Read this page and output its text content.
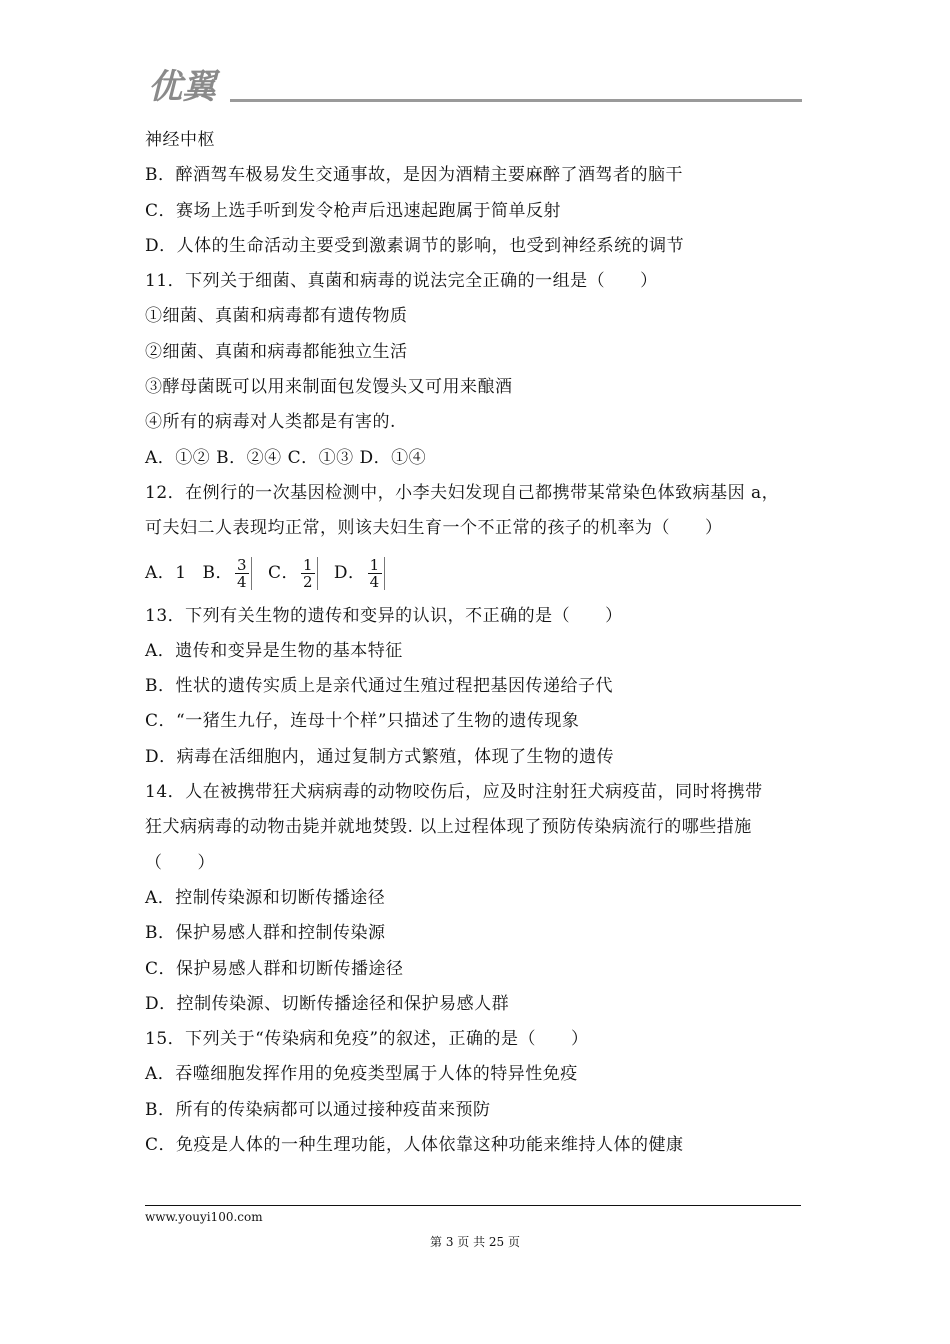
优翼
神经中枢
B．醉酒驾车极易发生交通事故，是因为酒精主要麻醉了酒驾者的脑干
C．赛场上选手听到发令枪声后迅速起跑属于简单反射
D．人体的生命活动主要受到激素调节的影响，也受到神经系统的调节
11．下列关于细菌、真菌和病毒的说法完全正确的一组是（　　）
①细菌、真菌和病毒都有遗传物质
②细菌、真菌和病毒都能独立生活
③酵母菌既可以用来制面包发馒头又可用来酿酒
④所有的病毒对人类都是有害的.
A．①② B．②④ C．①③ D．①④
12．在例行的一次基因检测中，小李夫妇发现自己都携带某常染色体致病基因 a，
可夫妇二人表现均正常，则该夫妇生育一个不正常的孩子的机率为（　　）
A．1 B． $\frac{3}{4}$ C． $\frac{1}{2}$ D． $\frac{1}{4}$
13．下列有关生物的遗传和变异的认识，不正确的是（　　）
A．遗传和变异是生物的基本特征
B．性状的遗传实质上是亲代通过生殖过程把基因传递给子代
C．“一猪生九仔，连母十个样”只描述了生物的遗传现象
D．病毒在活细胞内，通过复制方式繁殖，体现了生物的遗传
14．人在被携带狂犬病病毒的动物咬伤后，应及时注射狂犬病疫苗，同时将携带
狂犬病病毒的动物击毙并就地焚毁. 以上过程体现了预防传染病流行的哪些措施
（　　）
A．控制传染源和切断传播途径
B．保护易感人群和控制传染源
C．保护易感人群和切断传播途径
D．控制传染源、切断传播途径和保护易感人群
15．下列关于“传染病和免疫”的叙述，正确的是（　　）
A．吞噬细胞发挥作用的免疫类型属于人体的特异性免疫
B．所有的传染病都可以通过接种疫苗来预防
C．免疫是人体的一种生理功能，人体依靠这种功能来维持人体的健康
www.youyi100.com
第 3 页 共 25 页
